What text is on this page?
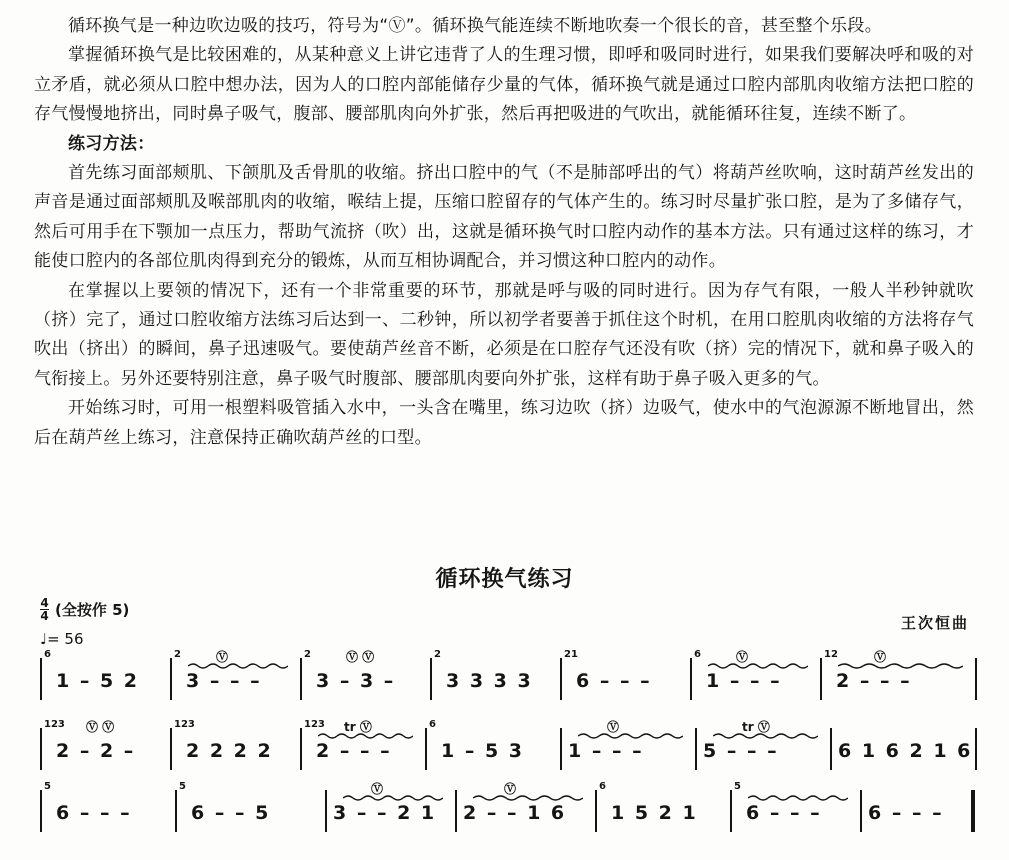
循环换气是一种边吹边吸的技巧，符号为“Ⓥ”。循环换气能连续不断地吹奏一个很长的音，甚至整个乐段。

掌握循环换气是比较困难的，从某种意义上讲它违背了人的生理习惯，即呼和吸同时进行，如果我们要解决呼和吸的对立矛盾，就必须从口腔中想办法，因为人的口腔内部能储存少量的气体，循环换气就是通过口腔内部肌肉收缩方法把口腔的存气慢慢地挤出，同时鼻子吸气，腹部、腰部肌肉向外扩张，然后再把吸进的气吹出，就能循环往复，连续不断了。

练习方法：

首先练习面部颊肌、下颌肌及舌骨肌的收缩。挤出口腔中的气（不是肺部呼出的气）将葫芦丝吹响，这时葫芦丝发出的声音是通过面部颊肌及喉部肌肉的收缩，喉结上提，压缩口腔留存的气体产生的。练习时尽量扩张口腔，是为了多储存气，然后可用手在下颚加一点压力，帮助气流挤（吹）出，这就是循环换气时口腔内动作的基本方法。只有通过这样的练习，才能使口腔内的各部位肌肉得到充分的锻炼，从而互相协调配合，并习惯这种口腔内的动作。

在掌握以上要领的情况下，还有一个非常重要的环节，那就是呼与吸的同时进行。因为存气有限，一般人半秒钟就吹（挤）完了，通过口腔收缩方法练习后达到一、二秒钟，所以初学者要善于抓住这个时机，在用口腔肌肉收缩的方法将存气吹出（挤出）的瞬间，鼻子迅速吸气。要使葫芦丝音不断，必须是在口腔存气还没有吹（挤）完的情况下，就和鼻子吸入的气衔接上。另外还要特别注意，鼻子吸气时腹部、腰部肌肉要向外扩张，这样有助于鼻子吸入更多的气。

开始练习时，可用一根塑料吸管插入水中，一头含在嘴里，练习边吹（挤）边吸气，使水中的气泡源源不断地冒出，然后在葫芦丝上练习，注意保持正确吹葫芦丝的口型。

循环换气练习
$\frac{4}{4}$ (全按作 5)
♩= 56
王次恒曲
6
1 – 5 2
2	Ⓥ
3 – – –
2	Ⓥ Ⓥ
3 – 3 –
2
3 3 3 3
21
6 – – –
6	Ⓥ
1 – – –
12	Ⓥ
2 – – –
123 Ⓥ Ⓥ
2 – 2 –
123
2 2 2 2
123 tr Ⓥ
2 – – –
6
1 – 5 3
Ⓥ
1 – – –
tr Ⓥ
5 – – –	6 1 6 2 1 6
5
6 – – –
5
6 – – 5
Ⓥ
3 – – 2 1
Ⓥ
2 – – 1 6
6
1 5 2 1
5
6 – – –	6 – – –
